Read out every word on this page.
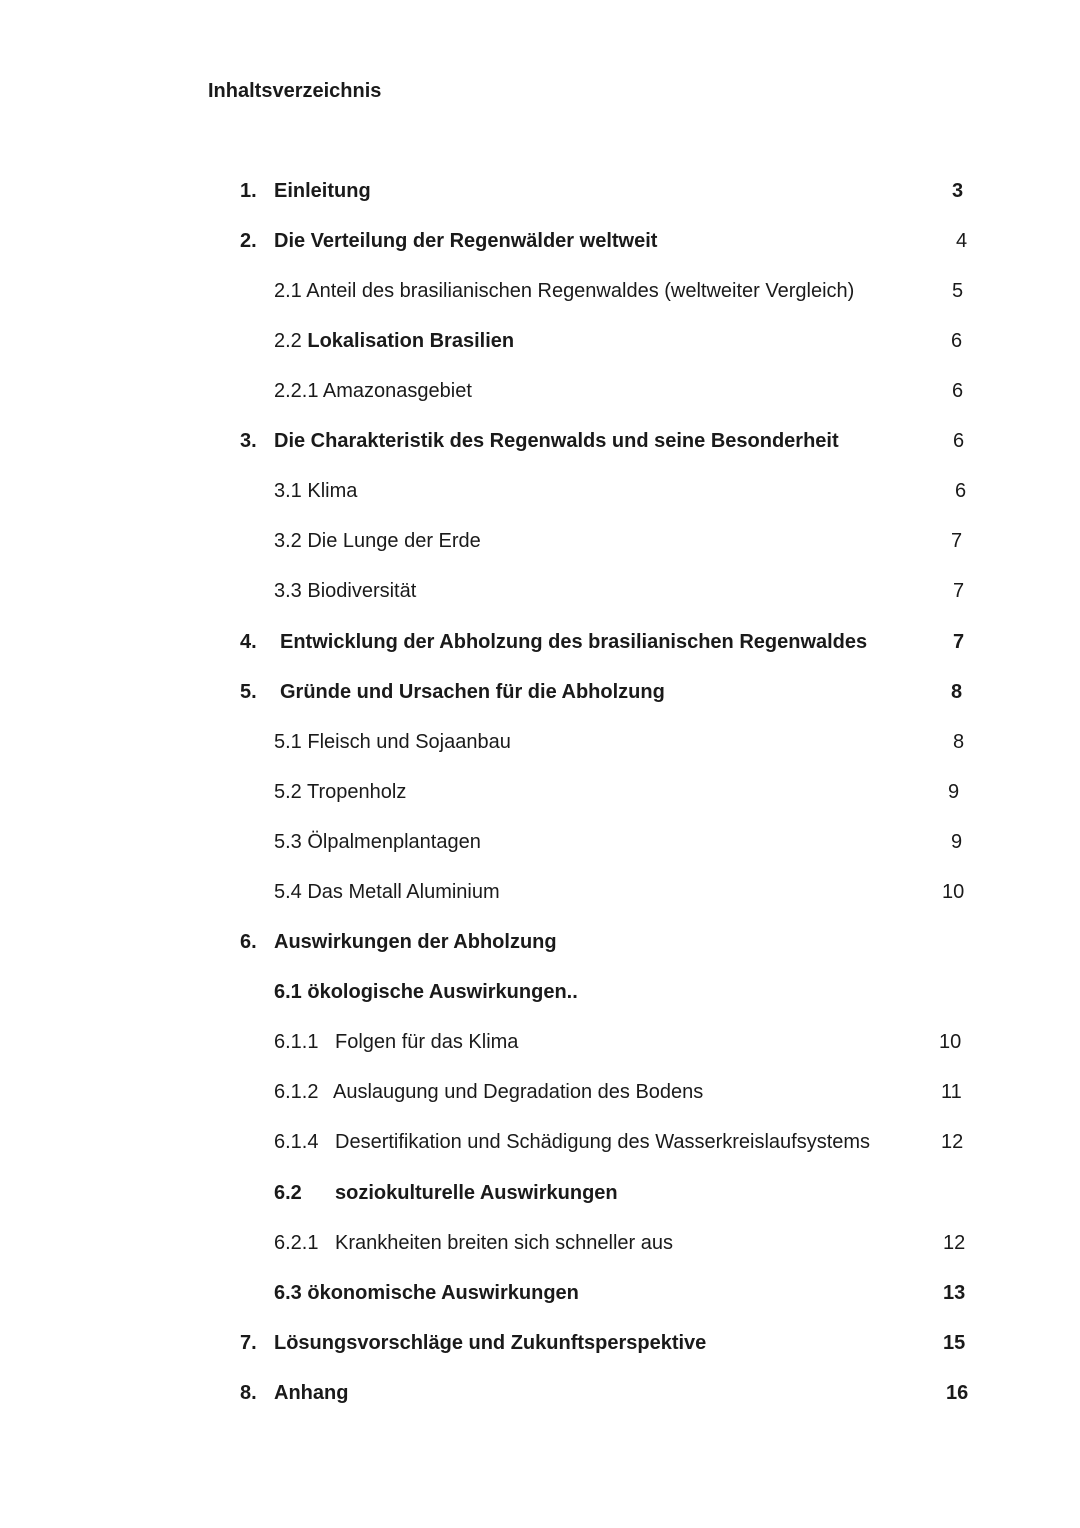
Inhaltsverzeichnis
1. Einleitung	3
2. Die Verteilung der Regenwälder weltweit	4
2.1 Anteil des brasilianischen Regenwaldes (weltweiter Vergleich)	5
2.2 Lokalisation Brasilien	6
2.2.1 Amazonasgebiet	6
3. Die Charakteristik des Regenwalds und seine Besonderheit	6
3.1 Klima	6
3.2 Die Lunge der Erde	7
3.3 Biodiversität	7
4. Entwicklung der Abholzung des brasilianischen Regenwaldes	7
5. Gründe und Ursachen für die Abholzung	8
5.1 Fleisch und Sojaanbau	8
5.2 Tropenholz	9
5.3 Ölpalmenplantagen	9
5.4 Das Metall Aluminium	10
6. Auswirkungen der Abholzung
6.1 ökologische Auswirkungen..
6.1.1 Folgen für das Klima	10
6.1.2 Auslaugung und Degradation des Bodens	11
6.1.4 Desertifikation und Schädigung des Wasserkreislaufsystems	12
6.2 soziokulturelle Auswirkungen
6.2.1 Krankheiten breiten sich schneller aus	12
6.3 ökonomische Auswirkungen	13
7. Lösungsvorschläge und Zukunftsperspektive	15
8. Anhang	16
